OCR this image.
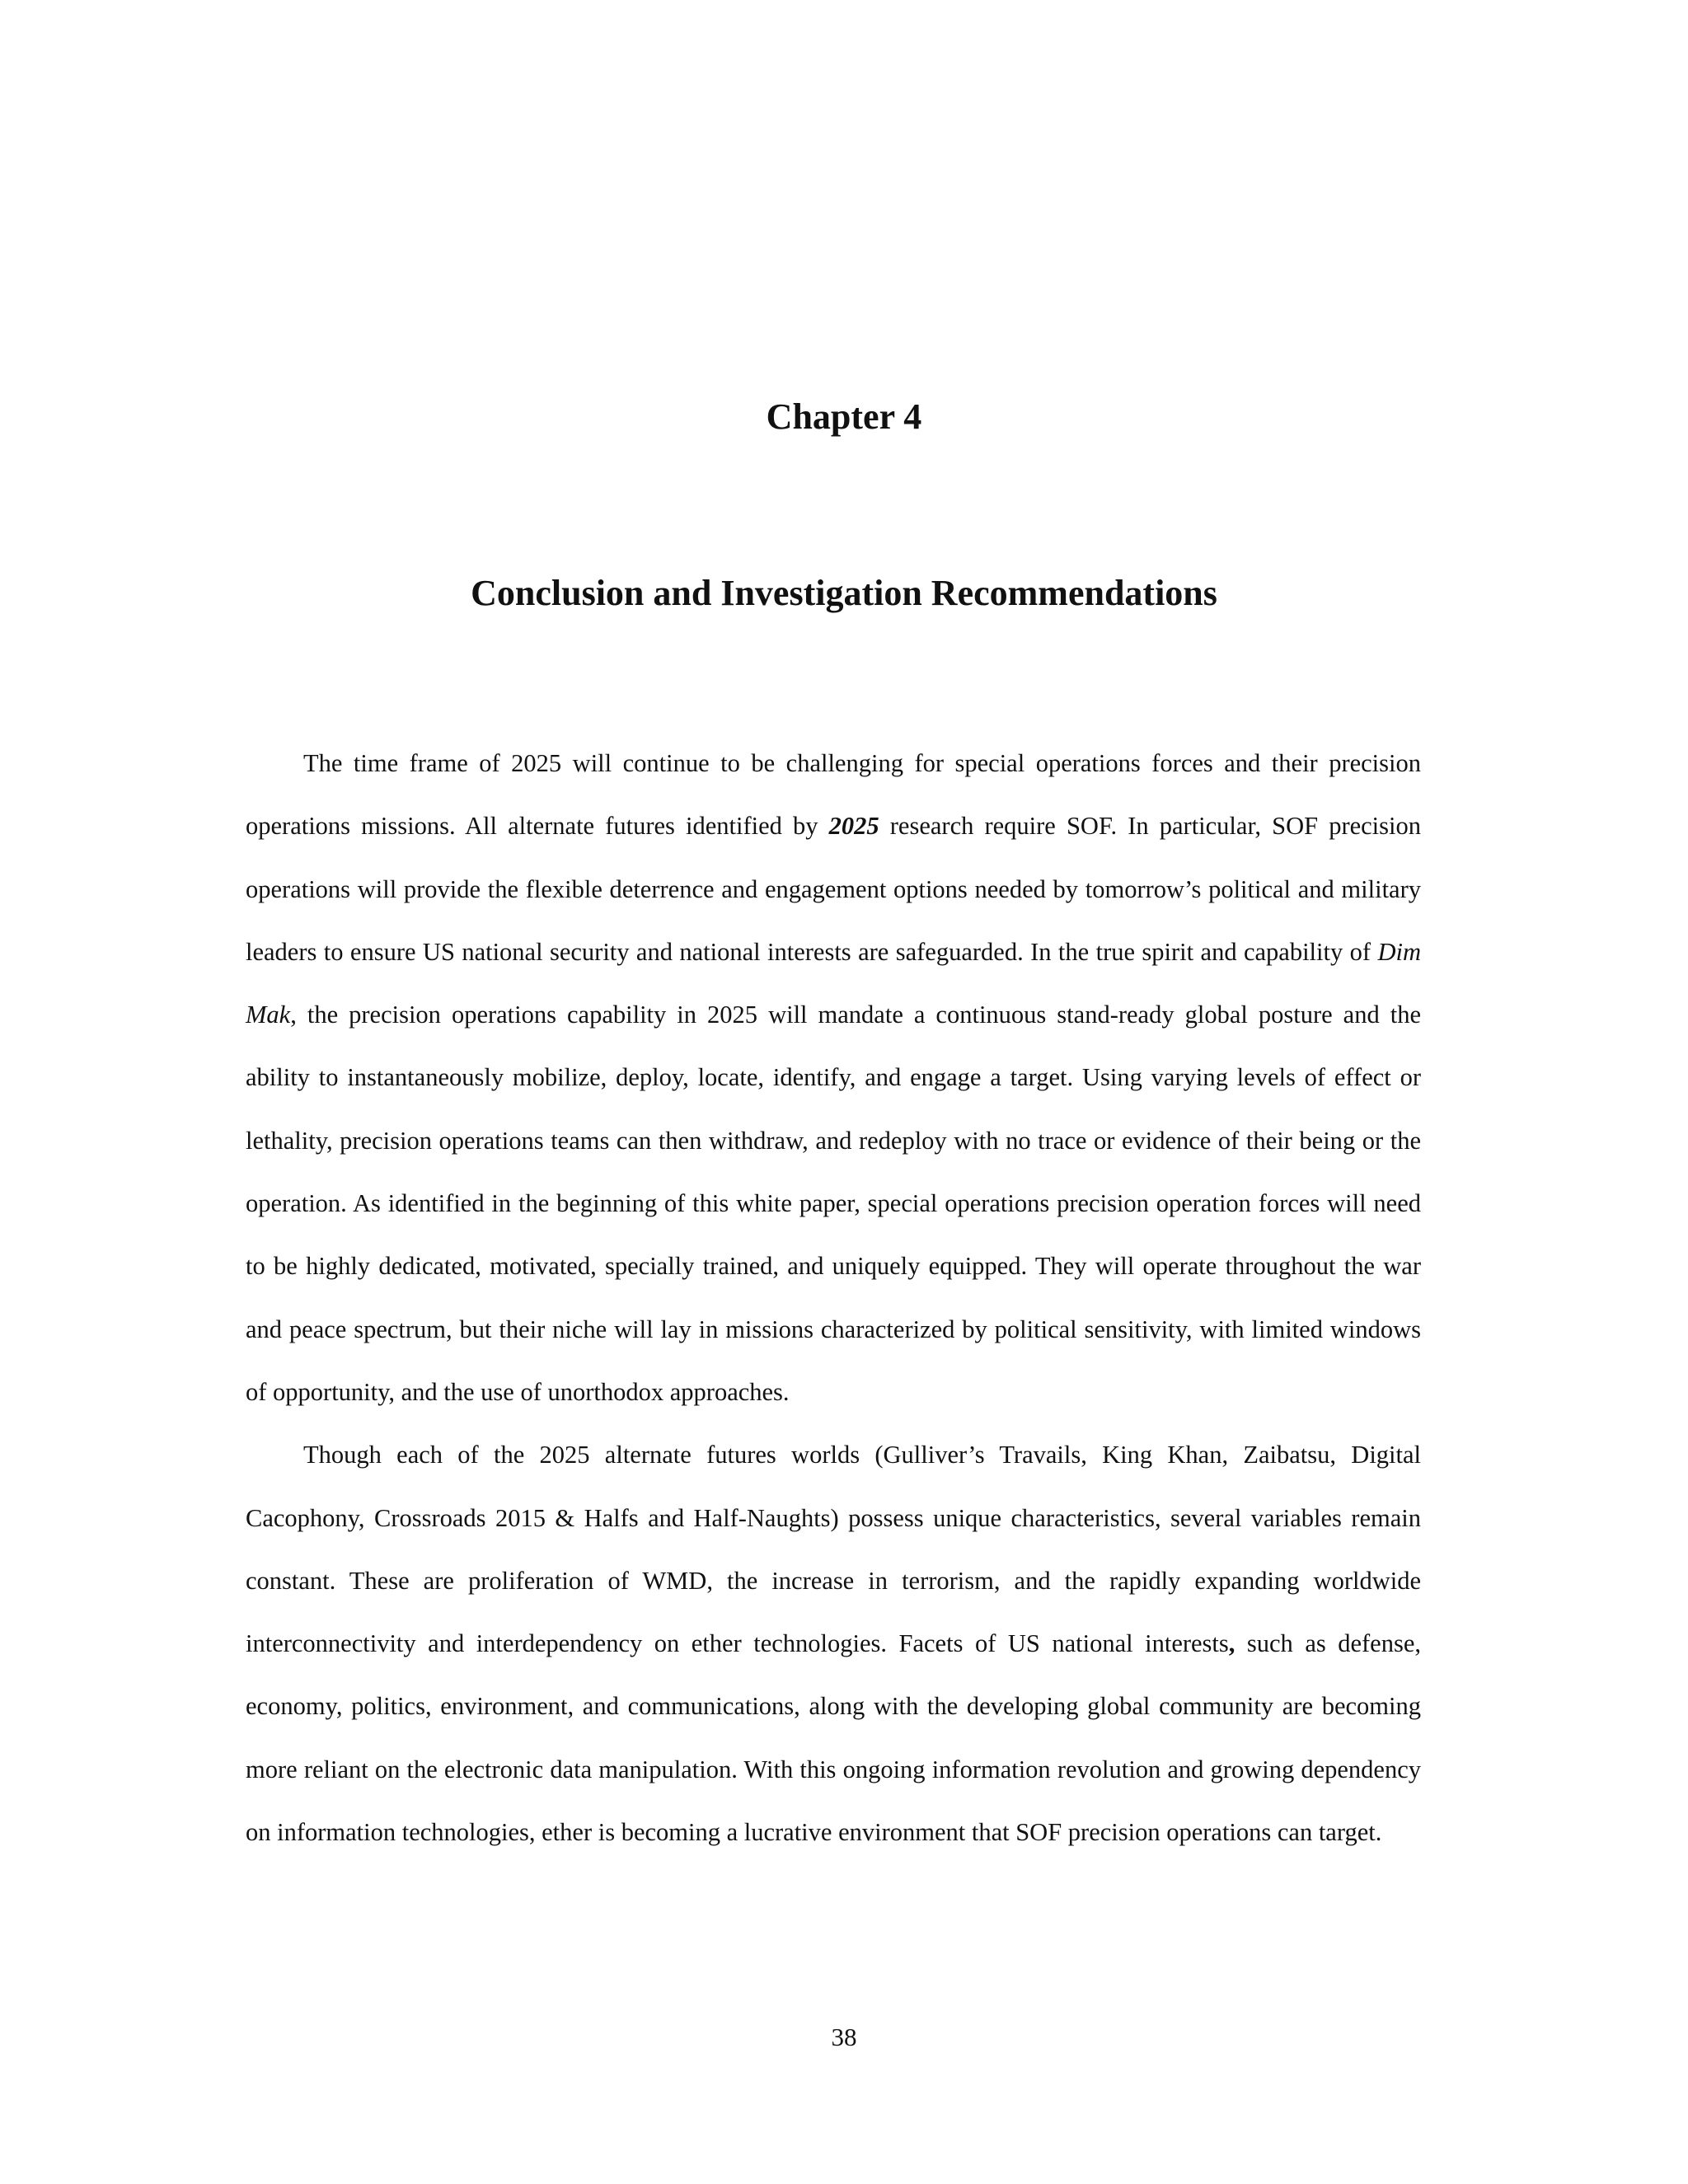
Chapter 4
Conclusion and Investigation Recommendations

The time frame of 2025 will continue to be challenging for special operations forces and their precision operations missions. All alternate futures identified by 2025 research require SOF. In particular, SOF precision operations will provide the flexible deterrence and engagement options needed by tomorrow’s political and military leaders to ensure US national security and national interests are safeguarded. In the true spirit and capability of Dim Mak, the precision operations capability in 2025 will mandate a continuous stand-ready global posture and the ability to instantaneously mobilize, deploy, locate, identify, and engage a target. Using varying levels of effect or lethality, precision operations teams can then withdraw, and redeploy with no trace or evidence of their being or the operation. As identified in the beginning of this white paper, special operations precision operation forces will need to be highly dedicated, motivated, specially trained, and uniquely equipped. They will operate throughout the war and peace spectrum, but their niche will lay in missions characterized by political sensitivity, with limited windows of opportunity, and the use of unorthodox approaches.

Though each of the 2025 alternate futures worlds (Gulliver’s Travails, King Khan, Zaibatsu, Digital Cacophony, Crossroads 2015 & Halfs and Half-Naughts) possess unique characteristics, several variables remain constant. These are proliferation of WMD, the increase in terrorism, and the rapidly expanding worldwide interconnectivity and interdependency on ether technologies. Facets of US national interests, such as defense, economy, politics, environment, and communications, along with the developing global community are becoming more reliant on the electronic data manipulation. With this ongoing information revolution and growing dependency on information technologies, ether is becoming a lucrative environment that SOF precision operations can target.

38
